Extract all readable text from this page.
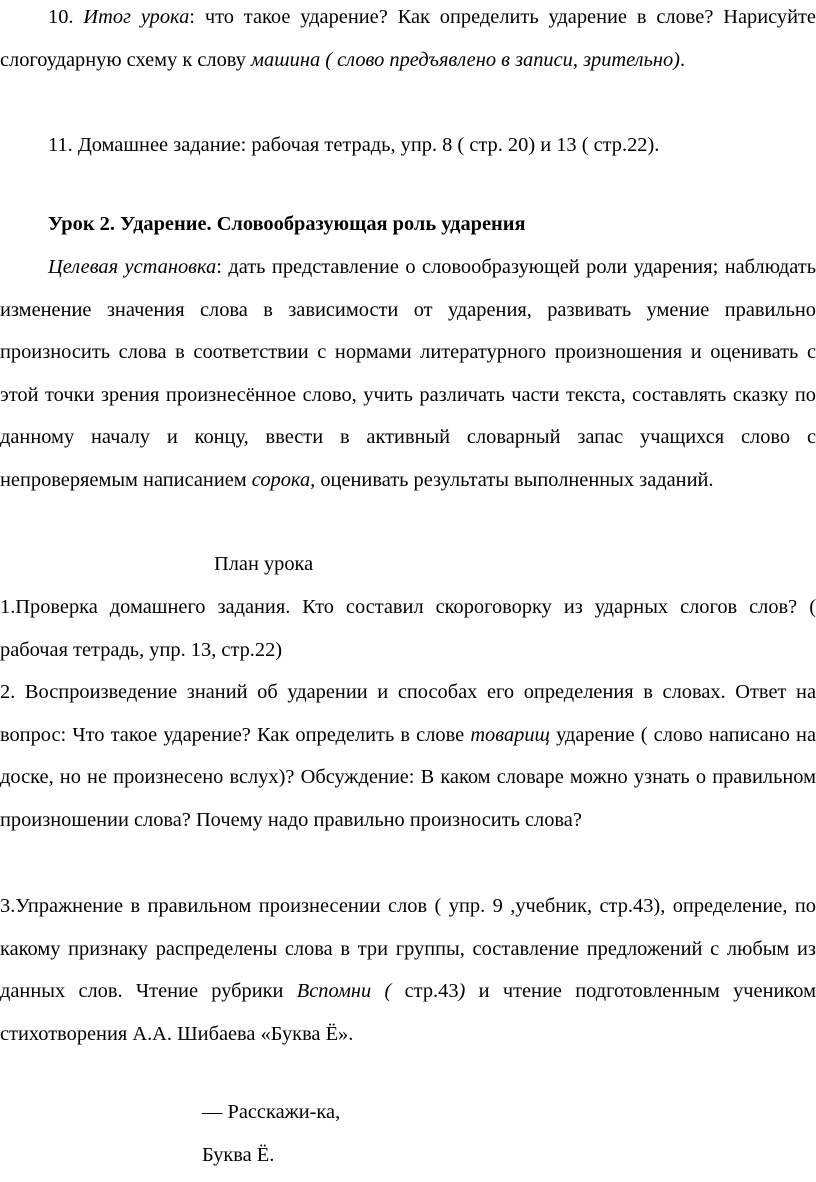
10. Итог урока: что такое ударение? Как определить ударение в слове? Нарисуйте слогоударную схему к слову машина ( слово предъявлено в записи, зрительно).

11. Домашнее задание: рабочая тетрадь, упр. 8 ( стр. 20) и 13 ( стр.22).

Урок 2. Ударение. Словообразующая роль ударения

Целевая установка: дать представление о словообразующей роли ударения; наблюдать изменение значения слова в зависимости от ударения, развивать умение правильно произносить слова в соответствии с нормами литературного произношения и оценивать с этой точки зрения произнесённое слово, учить различать части текста, составлять сказку по данному началу и концу, ввести в активный словарный запас учащихся слово с непроверяемым написанием сорока, оценивать результаты выполненных заданий.

План урока

1.Проверка домашнего задания. Кто составил скороговорку из ударных слогов слов? ( рабочая тетрадь, упр. 13, стр.22)

2. Воспроизведение знаний об ударении и способах его определения в словах. Ответ на вопрос: Что такое ударение? Как определить в слове товарищ ударение ( слово написано на доске, но не произнесено вслух)? Обсуждение: В каком словаре можно узнать о правильном произношении слова? Почему надо правильно произносить слова?

3.Упражнение в правильном произнесении слов ( упр. 9 ,учебник, стр.43), определение, по какому признаку распределены слова в три группы, составление предложений с любым из данных слов. Чтение рубрики Вспомни ( стр.43) и чтение подготовленным учеником стихотворения А.А. Шибаева «Буква Ё».

— Расскажи-ка,

Буква Ё.
